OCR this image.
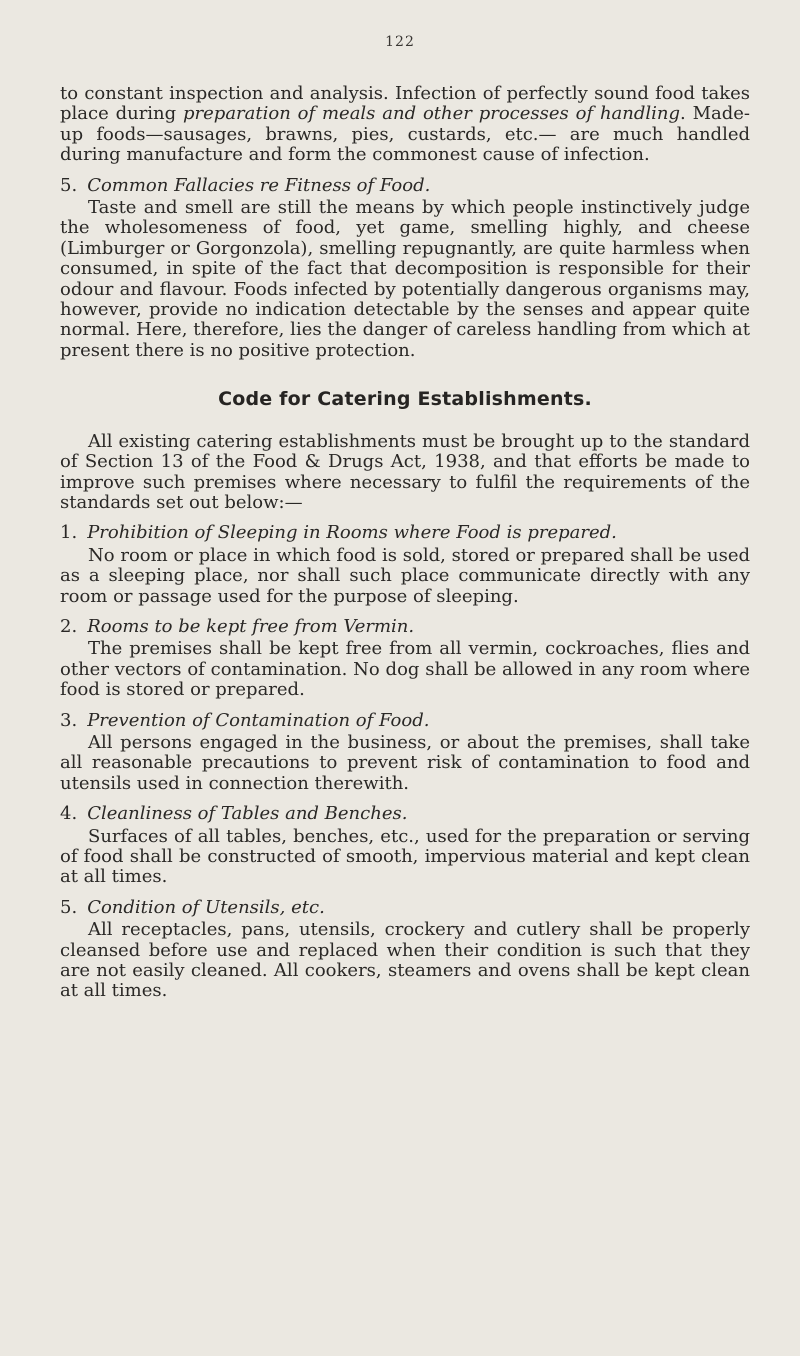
122

to constant inspection and analysis. Infection of perfectly sound food takes place during preparation of meals and other processes of handling. Made-up foods—sausages, brawns, pies, custards, etc.— are much handled during manufacture and form the commonest cause of infection.

5. Common Fallacies re Fitness of Food.

Taste and smell are still the means by which people instinctively judge the wholesomeness of food, yet game, smelling highly, and cheese (Limburger or Gorgonzola), smelling repugnantly, are quite harmless when consumed, in spite of the fact that decomposition is responsible for their odour and flavour. Foods infected by potentially dangerous organisms may, however, provide no indication detectable by the senses and appear quite normal. Here, therefore, lies the danger of careless handling from which at present there is no positive protection.

Code for Catering Establishments.

All existing catering establishments must be brought up to the standard of Section 13 of the Food & Drugs Act, 1938, and that efforts be made to improve such premises where necessary to fulfil the requirements of the standards set out below:—

1. Prohibition of Sleeping in Rooms where Food is prepared.

No room or place in which food is sold, stored or prepared shall be used as a sleeping place, nor shall such place communicate directly with any room or passage used for the purpose of sleeping.

2. Rooms to be kept free from Vermin.

The premises shall be kept free from all vermin, cockroaches, flies and other vectors of contamination. No dog shall be allowed in any room where food is stored or prepared.

3. Prevention of Contamination of Food.

All persons engaged in the business, or about the premises, shall take all reasonable precautions to prevent risk of contamination to food and utensils used in connection therewith.

4. Cleanliness of Tables and Benches.

Surfaces of all tables, benches, etc., used for the preparation or serving of food shall be constructed of smooth, impervious material and kept clean at all times.

5. Condition of Utensils, etc.

All receptacles, pans, utensils, crockery and cutlery shall be properly cleansed before use and replaced when their condition is such that they are not easily cleaned. All cookers, steamers and ovens shall be kept clean at all times.
